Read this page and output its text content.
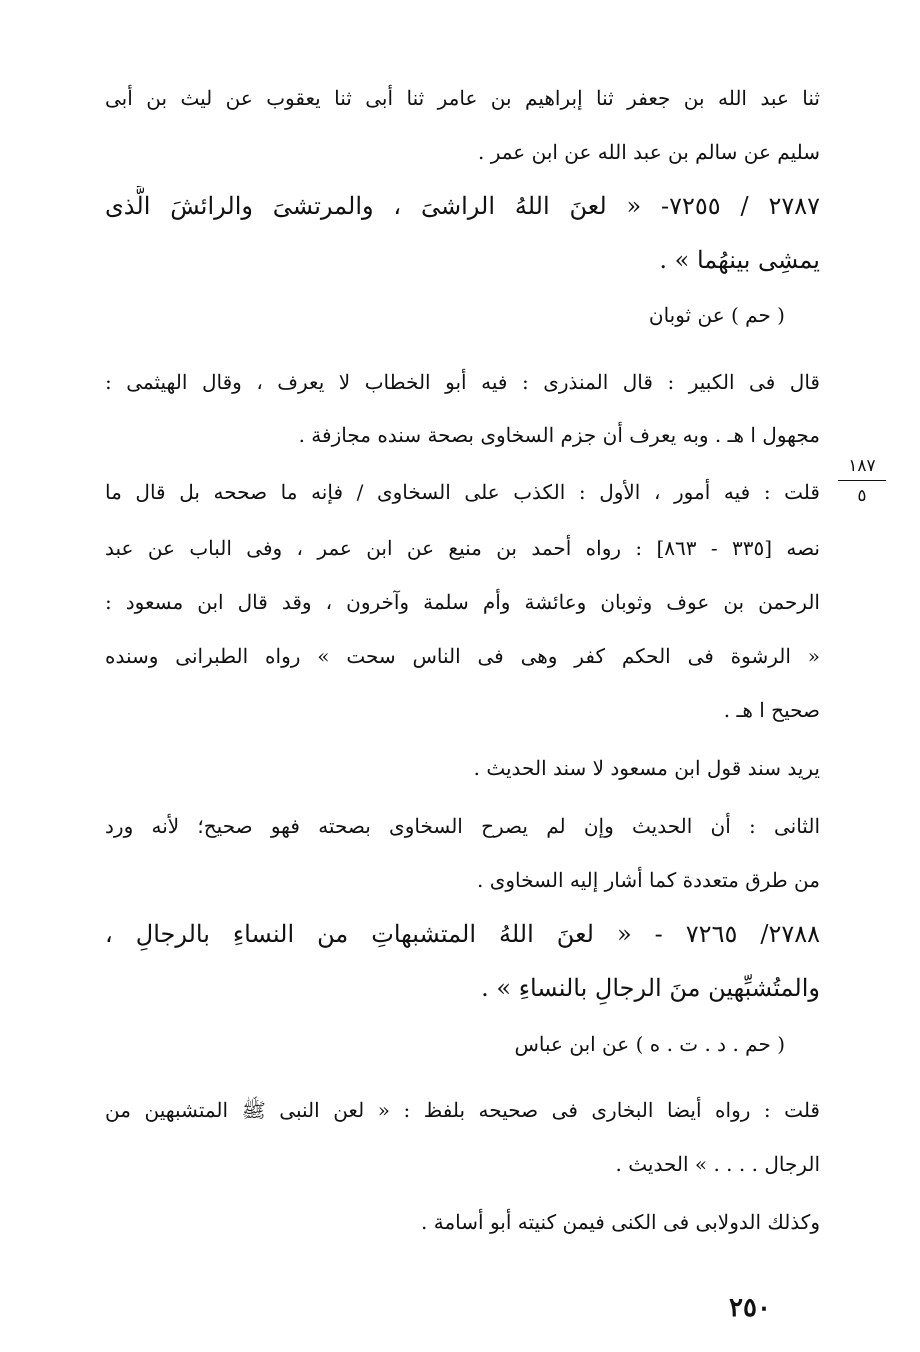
ثنا عبد الله بن جعفر ثنا إبراهيم بن عامر ثنا أبى ثنا يعقوب عن ليث بن أبى
سليم عن سالم بن عبد الله عن ابن عمر .
٢٧٨٧ / ٧٢٥٥- « لعنَ اللهُ الراشىَ ، والمرتشىَ والرائشَ الَّذى
يمشِى بينهُما » .
( حم ) عن ثوبان
قال فى الكبير : قال المنذرى : فيه أبو الخطاب لا يعرف ، وقال الهيثمى :
مجهول ا هـ . وبه يعرف أن جزم السخاوى بصحة سنده مجازفة .
قلت : فيه أمور ، الأول : الكذب على السخاوى / فإنه ما صححه بل قال ما
نصه [٣٣٥ - ٨٦٣] : رواه أحمد بن منيع عن ابن عمر ، وفى الباب عن عبد
الرحمن بن عوف وثوبان وعائشة وأم سلمة وآخرون ، وقد قال ابن مسعود :
« الرشوة فى الحكم كفر وهى فى الناس سحت » رواه الطبرانى وسنده
صحيح ا هـ .
يريد سند قول ابن مسعود لا سند الحديث .
الثانى : أن الحديث وإن لم يصرح السخاوى بصحته فهو صحيح؛ لأنه ورد
من طرق متعددة كما أشار إليه السخاوى .
٢٧٨٨/ ٧٢٦٥ - « لعنَ اللهُ المتشبهاتِ من النساءِ بالرجالِ ،
والمتُشبِّهين منَ الرجالِ بالنساءِ » .
( حم . د . ت . ه ) عن ابن عباس
قلت : رواه أيضا البخارى فى صحيحه بلفظ : « لعن النبى ﷺ المتشبهين من
الرجال . . . . » الحديث .
وكذلك الدولابى فى الكنى فيمن كنيته أبو أسامة .
١٨٧
٥
٢٥٠
